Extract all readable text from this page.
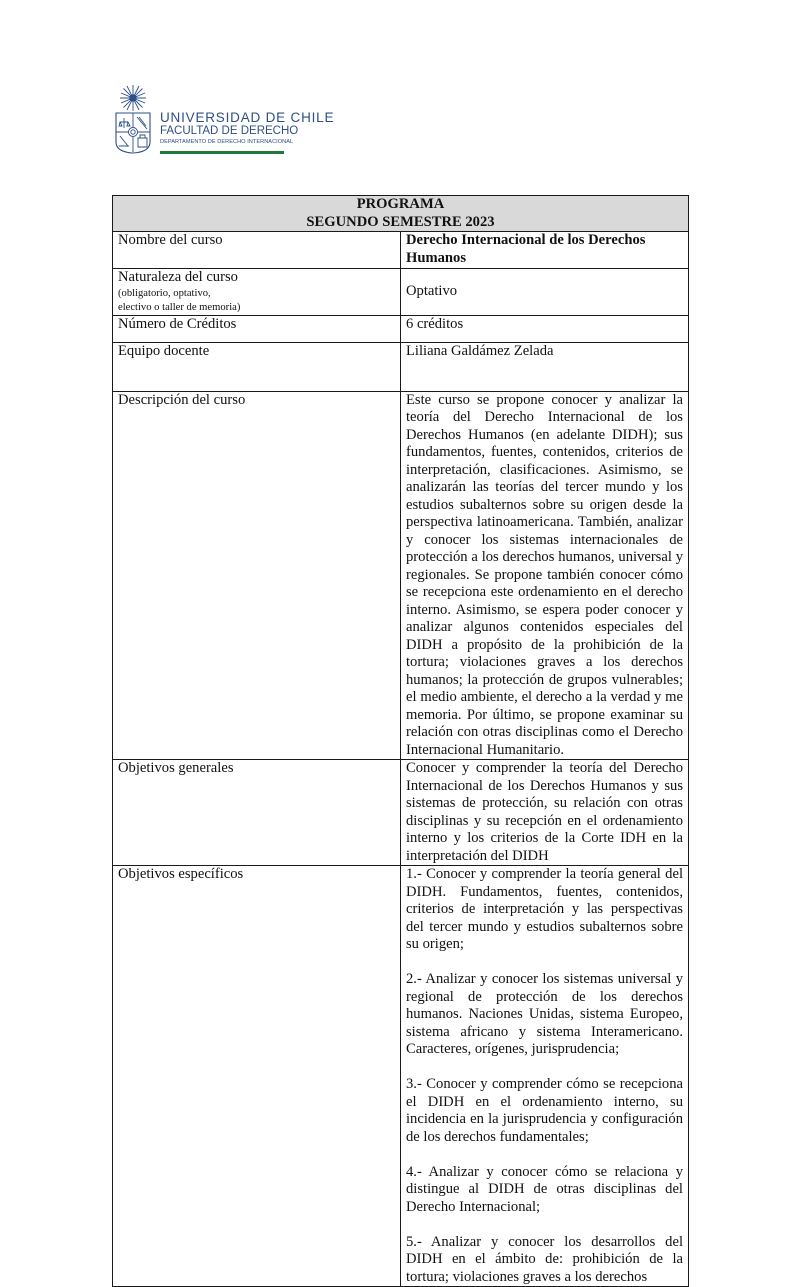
UNIVERSIDAD DE CHILE
FACULTAD DE DERECHO
DEPARTAMENTO DE DERECHO INTERNACIONAL
PROGRAMA
SEGUNDO SEMESTRE 2023	

Nombre del curso	Derecho Internacional de los Derechos Humanos

Naturaleza del curso
(obligatorio, optativo,
electivo o taller de memoria)	Optativo
Número de Créditos	6 créditos
Equipo docente	Liliana Galdámez Zelada
Descripción del curso	Este curso se propone conocer y analizar la teoría del Derecho Internacional de los Derechos Humanos (en adelante DIDH); sus fundamentos, fuentes, contenidos, criterios de interpretación, clasificaciones. Asimismo, se analizarán las teorías del tercer mundo y los estudios subalternos sobre su origen desde la perspectiva latinoamericana. También, analizar y conocer los sistemas internacionales de protección a los derechos humanos, universal y regionales. Se propone también conocer cómo se recepciona este ordenamiento en el derecho interno. Asimismo, se espera poder conocer y analizar algunos contenidos especiales del DIDH a propósito de la prohibición de la tortura; violaciones graves a los derechos humanos; la protección de grupos vulnerables; el medio ambiente, el derecho a la verdad y me memoria. Por último, se propone examinar su relación con otras disciplinas como el Derecho Internacional Humanitario.
Objetivos generales	Conocer y comprender la teoría del Derecho Internacional de los Derechos Humanos y sus sistemas de protección, su relación con otras disciplinas y su recepción en el ordenamiento interno y los criterios de la Corte IDH en la interpretación del DIDH
Objetivos específicos	1.- Conocer y comprender la teoría general del DIDH. Fundamentos, fuentes, contenidos, criterios de interpretación y las perspectivas del tercer mundo y estudios subalternos sobre su origen;
2.- Analizar y conocer los sistemas universal y regional de protección de los derechos humanos. Naciones Unidas, sistema Europeo, sistema africano y sistema Interamericano. Caracteres, orígenes, jurisprudencia;
3.- Conocer y comprender cómo se recepciona el DIDH en el ordenamiento interno, su incidencia en la jurisprudencia y configuración de los derechos fundamentales;
4.- Analizar y conocer cómo se relaciona y distingue al DIDH de otras disciplinas del Derecho Internacional;
5.- Analizar y conocer los desarrollos del DIDH en el ámbito de: prohibición de la tortura; violaciones graves a los derechos
